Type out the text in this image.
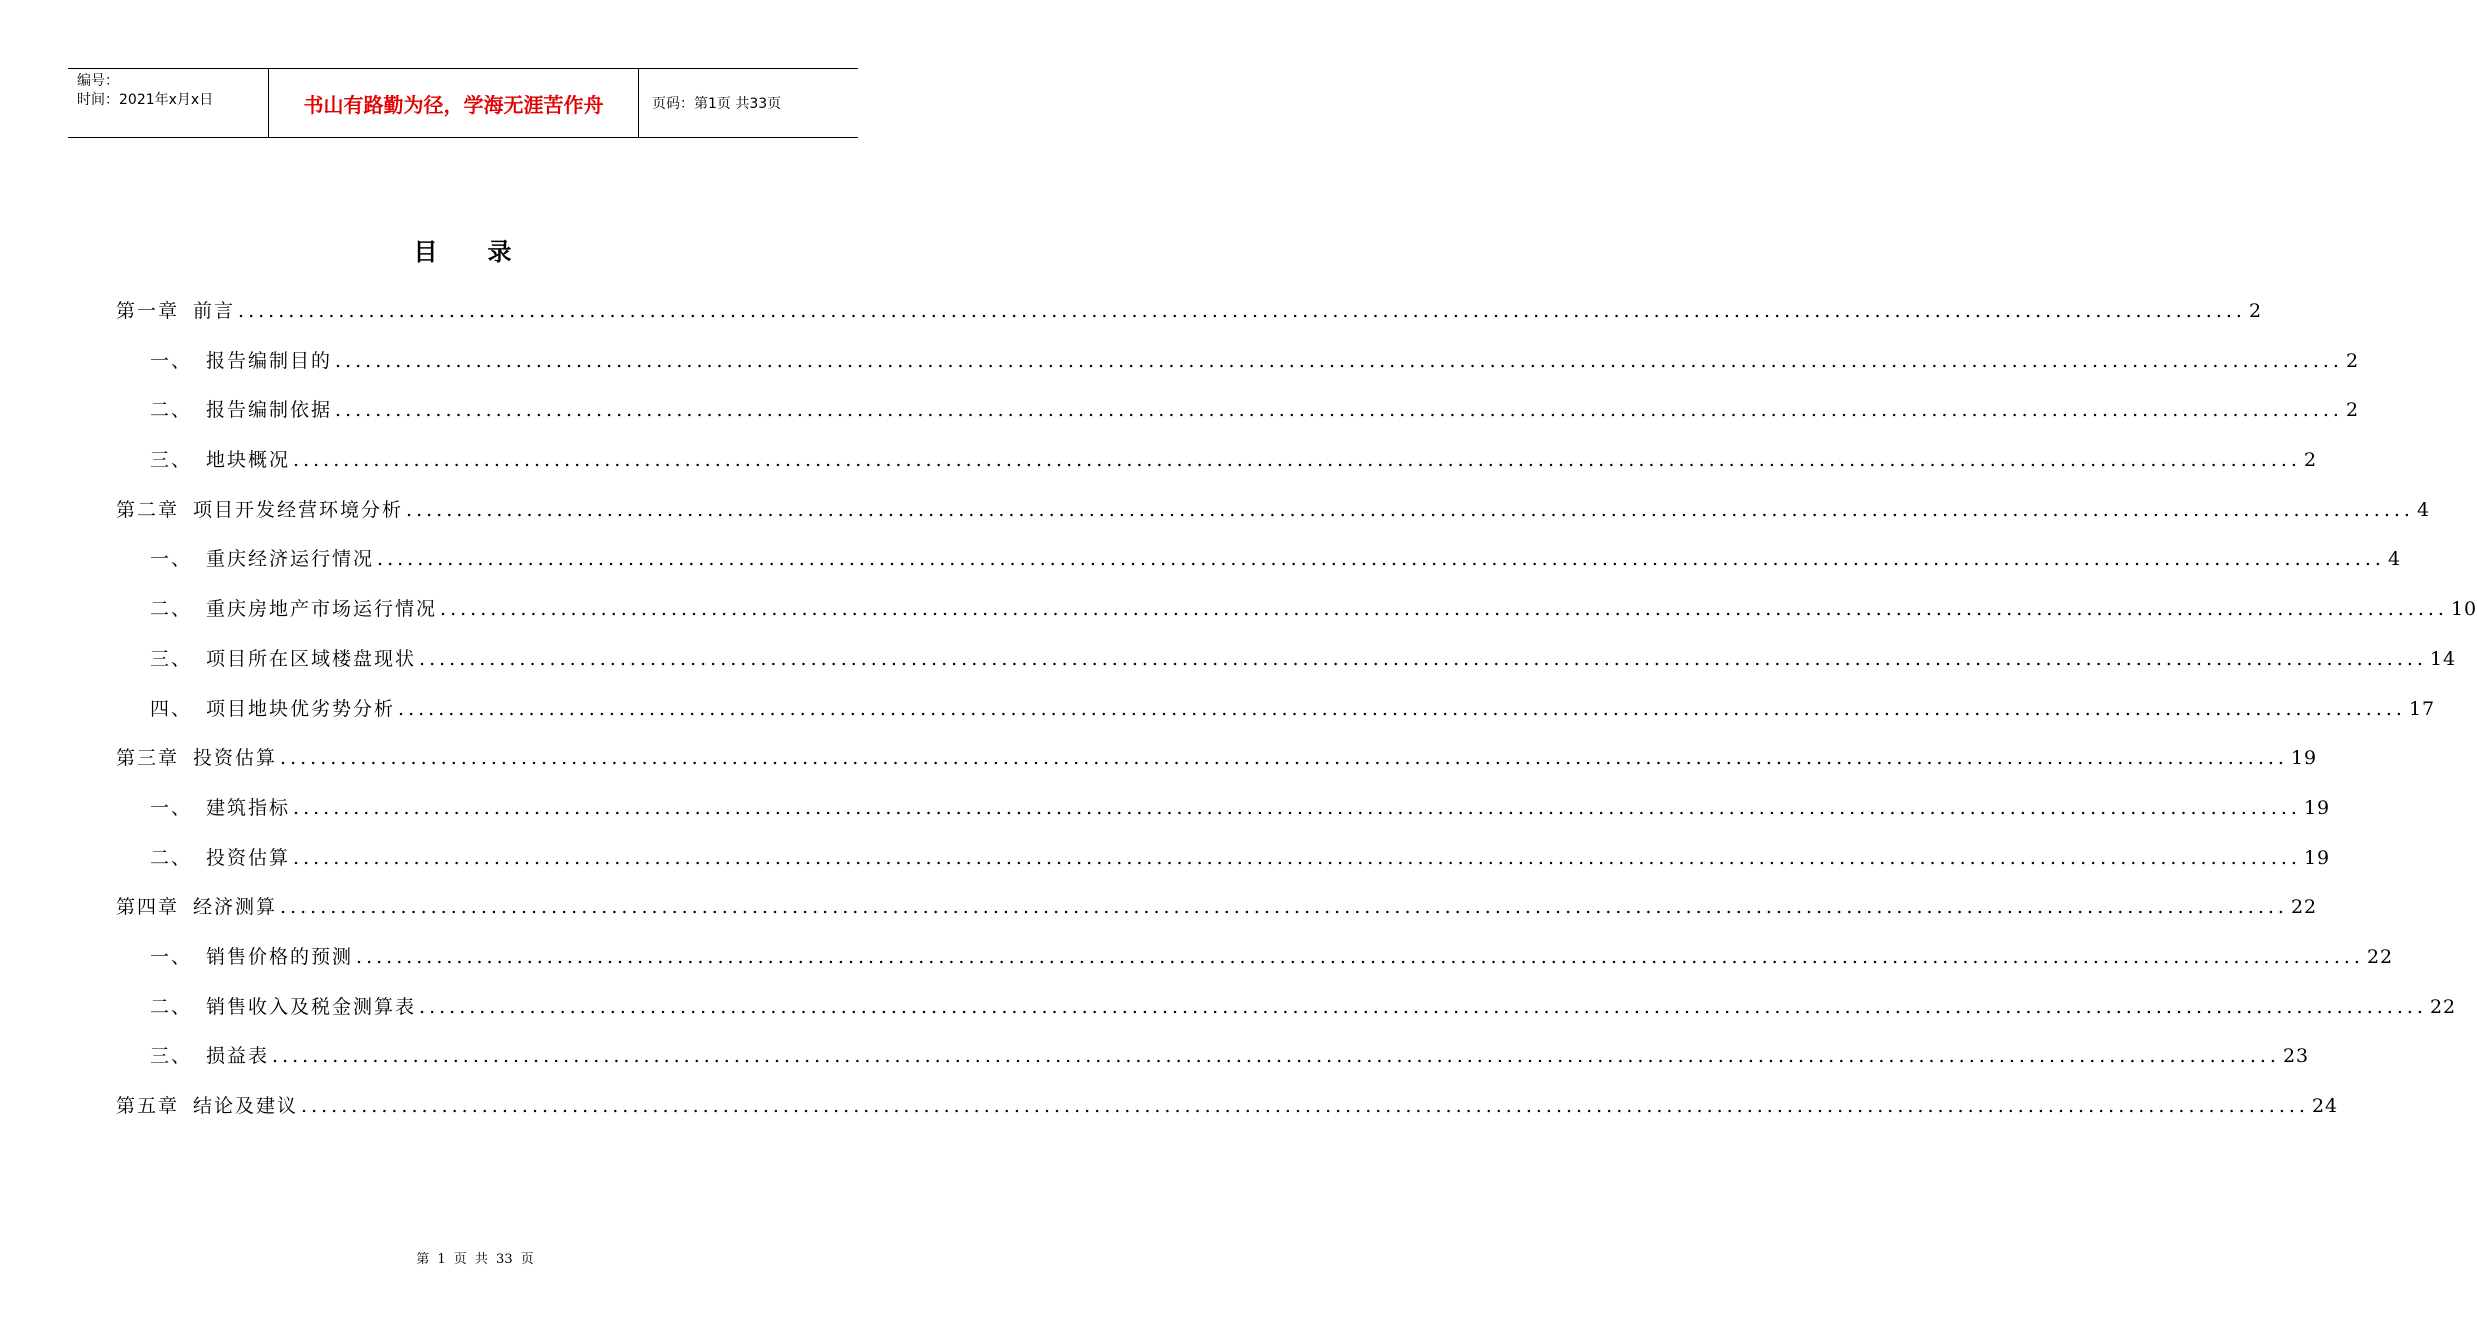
编号：
时间：2021年x月x日	书山有路勤为径，学海无涯苦作舟	页码：第1页 共33页
目录
第一章 前言 ........................................................................................................................................................................................................ 2
一、 报告编制目的 ........................................................................................................................................................................................................ 2
二、 报告编制依据 ........................................................................................................................................................................................................ 2
三、 地块概况 ........................................................................................................................................................................................................ 2
第二章 项目开发经营环境分析 ........................................................................................................................................................................................................ 4
一、 重庆经济运行情况 ........................................................................................................................................................................................................ 4
二、 重庆房地产市场运行情况 ........................................................................................................................................................................................................ 10
三、 项目所在区域楼盘现状 ........................................................................................................................................................................................................ 14
四、 项目地块优劣势分析 ........................................................................................................................................................................................................ 17
第三章 投资估算 ........................................................................................................................................................................................................ 19
一、 建筑指标 ........................................................................................................................................................................................................ 19
二、 投资估算 ........................................................................................................................................................................................................ 19
第四章 经济测算 ........................................................................................................................................................................................................ 22
一、 销售价格的预测 ........................................................................................................................................................................................................ 22
二、 销售收入及税金测算表 ........................................................................................................................................................................................................ 22
三、 损益表 ........................................................................................................................................................................................................ 23
第五章 结论及建议 ........................................................................................................................................................................................................ 24
第 1 页 共 33 页
